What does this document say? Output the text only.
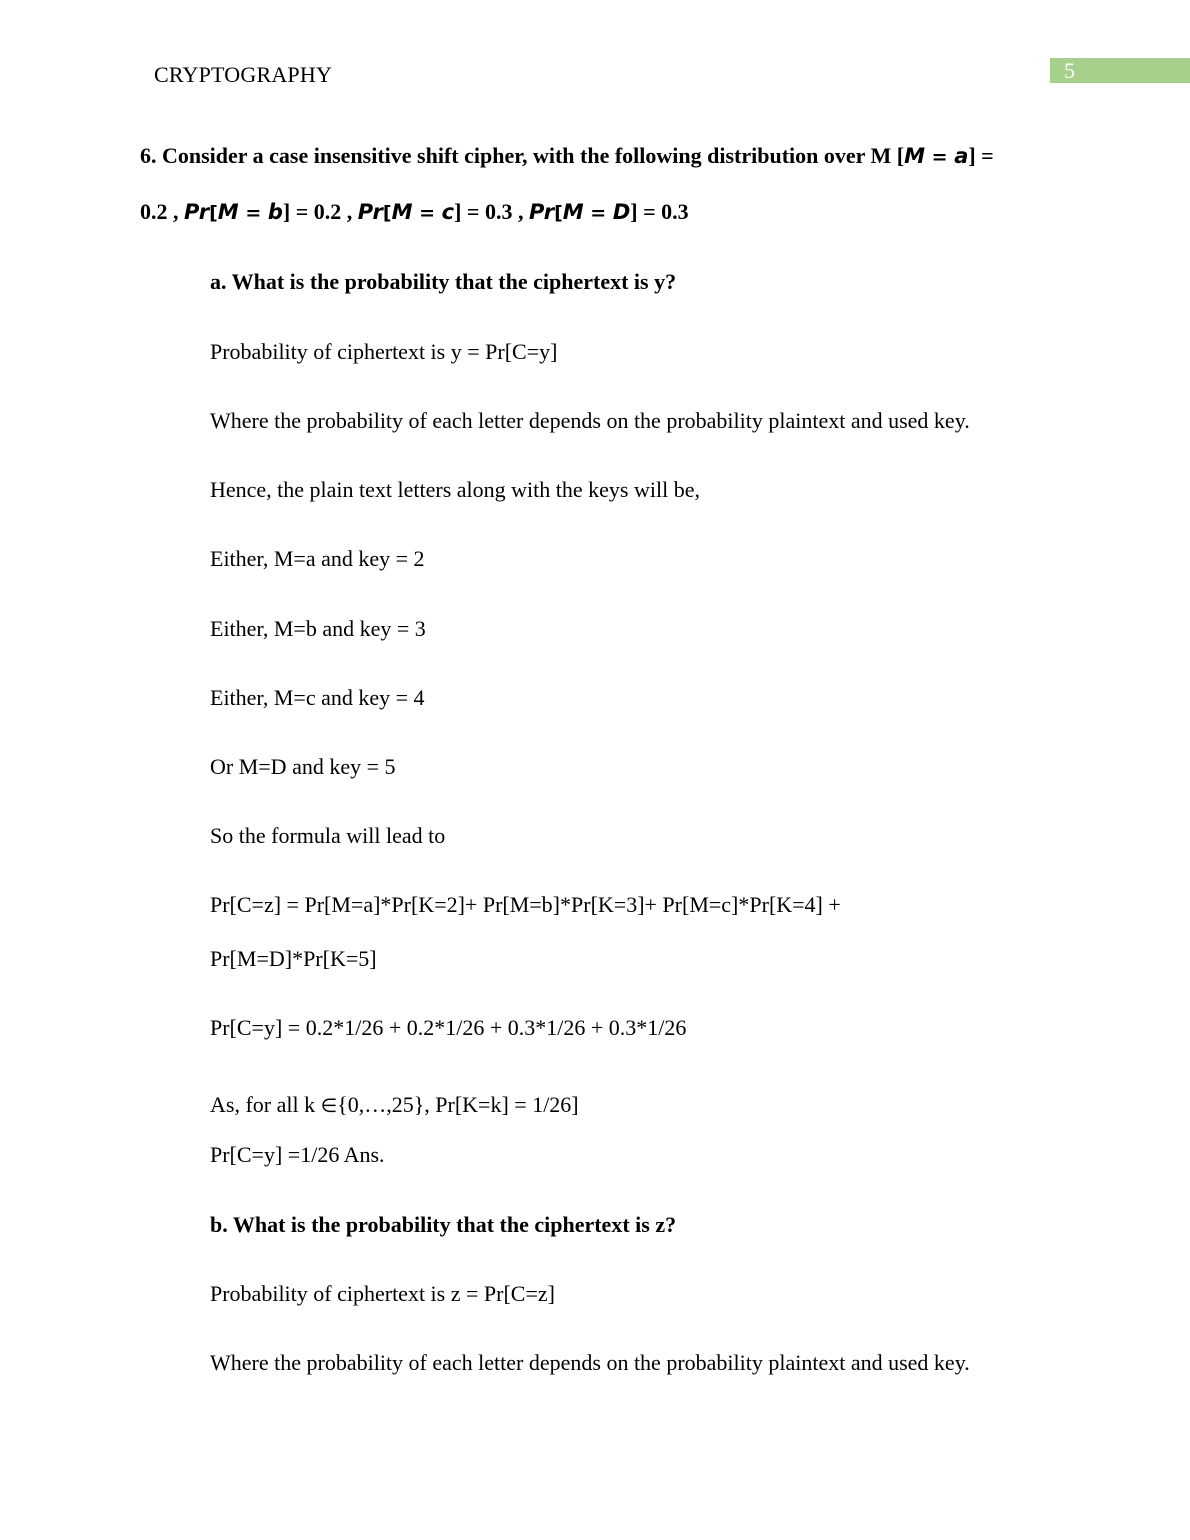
CRYPTOGRAPHY	5
6. Consider a case insensitive shift cipher, with the following distribution over M [M = a] =
0.2 , Pr[M = b] = 0.2 , Pr[M = c] = 0.3 , Pr[M = D] = 0.3
a. What is the probability that the ciphertext is y?
Probability of ciphertext is y = Pr[C=y]
Where the probability of each letter depends on the probability plaintext and used key.
Hence, the plain text letters along with the keys will be,
Either, M=a and key = 2
Either, M=b and key = 3
Either, M=c and key = 4
Or M=D and key = 5
So the formula will lead to
Pr[C=z] = Pr[M=a]*Pr[K=2]+ Pr[M=b]*Pr[K=3]+ Pr[M=c]*Pr[K=4] +
Pr[M=D]*Pr[K=5]
Pr[C=y] = 0.2*1/26 + 0.2*1/26 + 0.3*1/26 + 0.3*1/26
As, for all k ∈{0,…,25}, Pr[K=k] = 1/26]
Pr[C=y] =1/26 Ans.
b. What is the probability that the ciphertext is z?
Probability of ciphertext is z = Pr[C=z]
Where the probability of each letter depends on the probability plaintext and used key.
